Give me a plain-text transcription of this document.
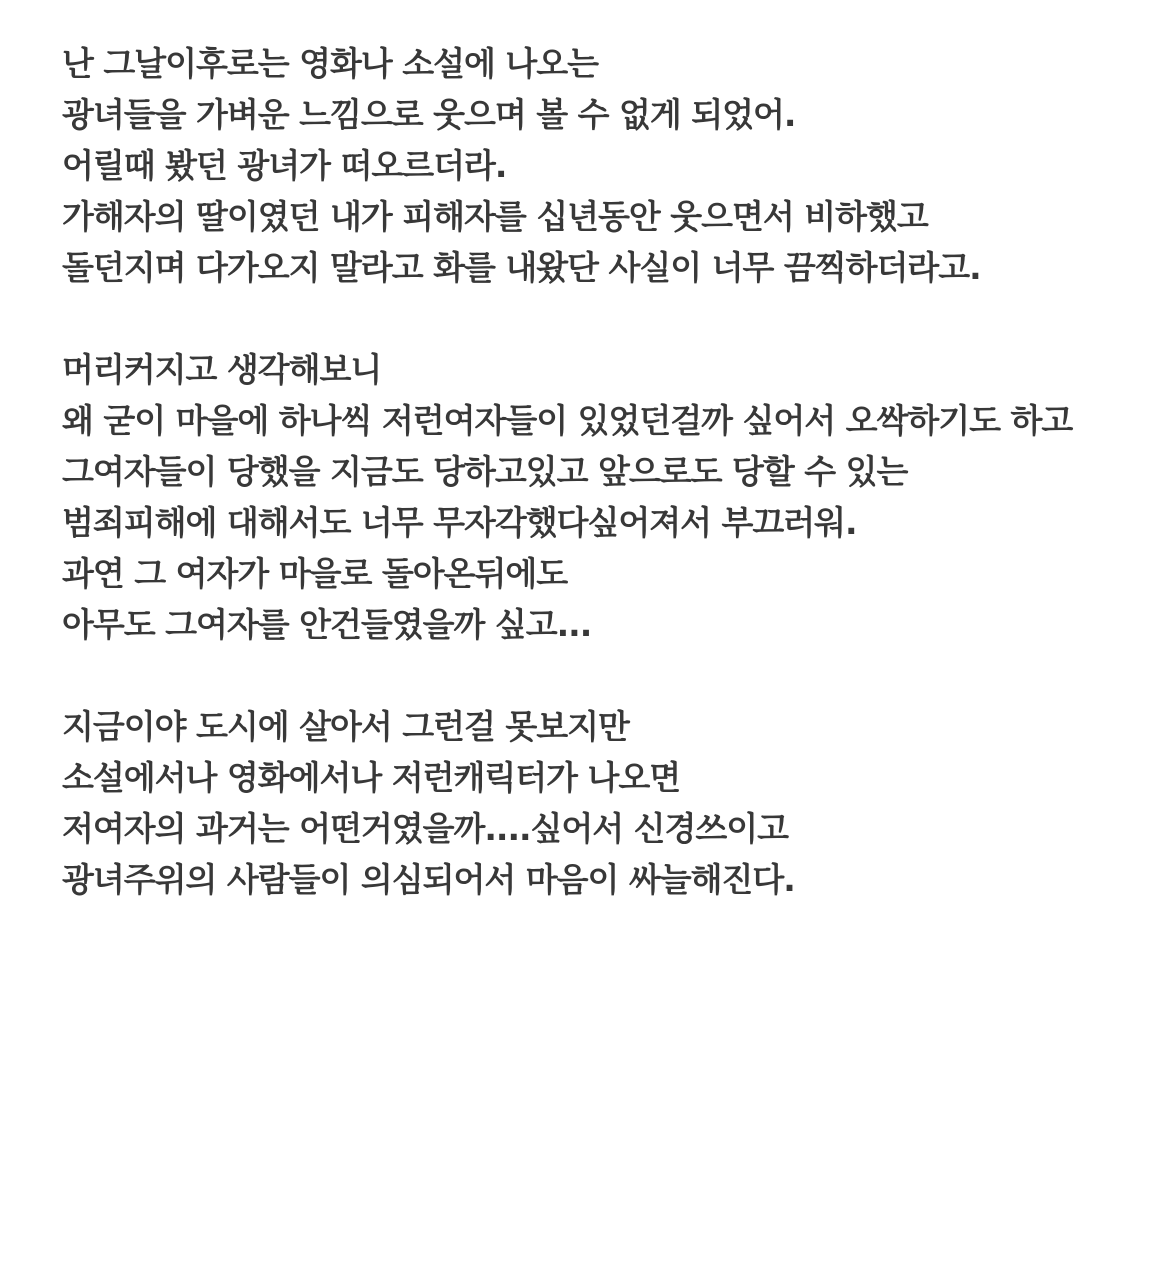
난 그날이후로는 영화나 소설에 나오는
광녀들을 가벼운 느낌으로 웃으며 볼 수 없게 되었어.
어릴때 봤던 광녀가 떠오르더라.
가해자의 딸이였던 내가 피해자를 십년동안 웃으면서 비하했고
돌던지며 다가오지 말라고 화를 내왔단 사실이 너무 끔찍하더라고.
머리커지고 생각해보니
왜 굳이 마을에 하나씩 저런여자들이 있었던걸까 싶어서 오싹하기도 하고
그여자들이 당했을 지금도 당하고있고 앞으로도 당할 수 있는
범죄피해에 대해서도 너무 무자각했다싶어져서 부끄러워.
과연 그 여자가 마을로 돌아온뒤에도
아무도 그여자를 안건들였을까 싶고...
지금이야 도시에 살아서 그런걸 못보지만
소설에서나 영화에서나 저런캐릭터가 나오면
저여자의 과거는 어떤거였을까....싶어서 신경쓰이고
광녀주위의 사람들이 의심되어서 마음이 싸늘해진다.
